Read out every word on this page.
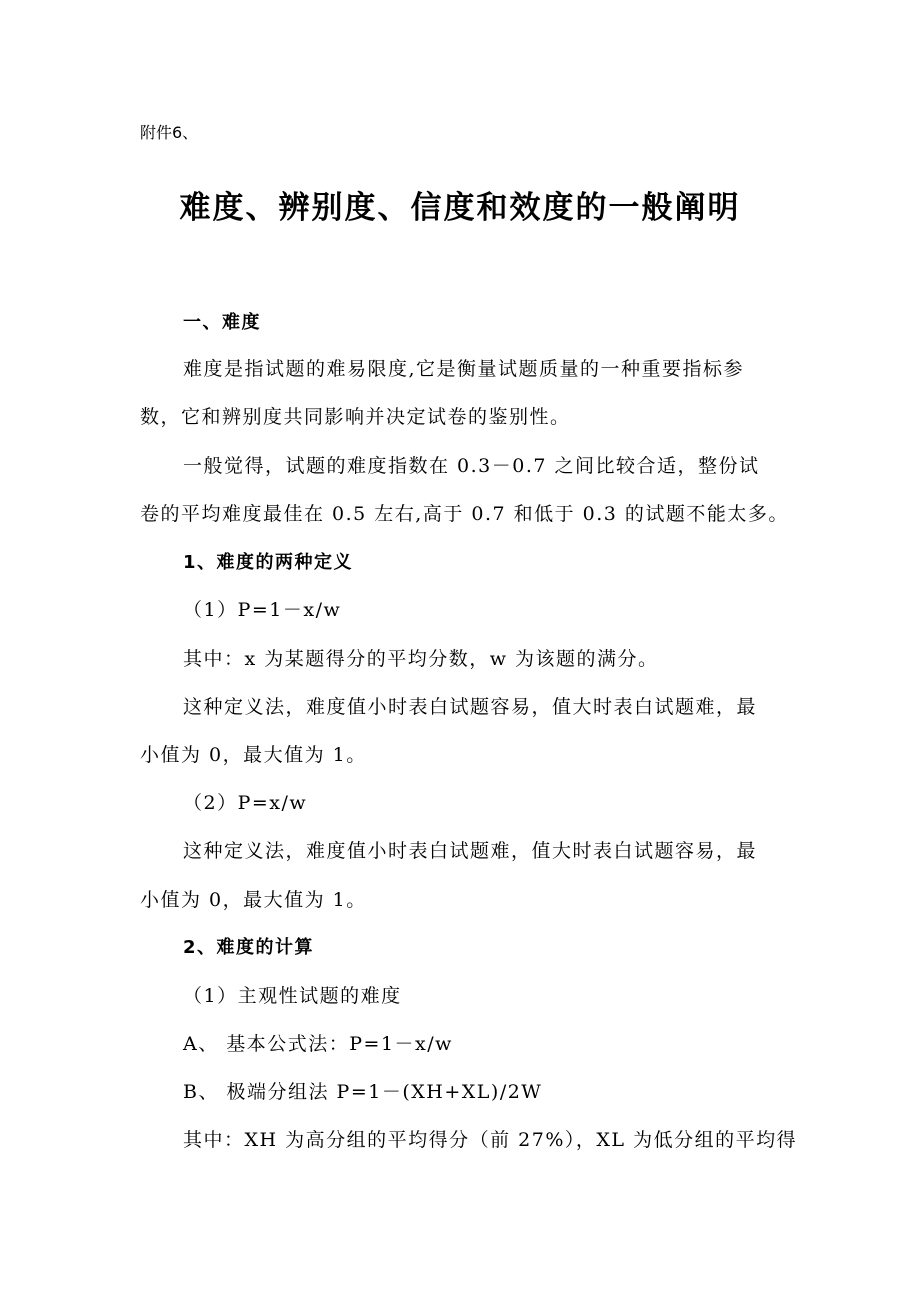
附件6、
难度、辨别度、信度和效度的一般阐明
一、难度
难度是指试题的难易限度,它是衡量试题质量的一种重要指标参
数，它和辨别度共同影响并决定试卷的鉴别性。
一般觉得，试题的难度指数在 0.3－0.7 之间比较合适，整份试
卷的平均难度最佳在 0.5 左右,高于 0.7 和低于 0.3 的试题不能太多。
1、难度的两种定义
（1）P=1－x/w
其中：x 为某题得分的平均分数，w 为该题的满分。
这种定义法，难度值小时表白试题容易，值大时表白试题难，最
小值为 0，最大值为 1。
（2）P=x/w
这种定义法，难度值小时表白试题难，值大时表白试题容易，最
小值为 0，最大值为 1。
2、难度的计算
（1）主观性试题的难度
A、 基本公式法：P=1－x/w
B、 极端分组法 P=1－(XH+XL)/2W
其中：XH 为高分组的平均得分（前 27%），XL 为低分组的平均得
